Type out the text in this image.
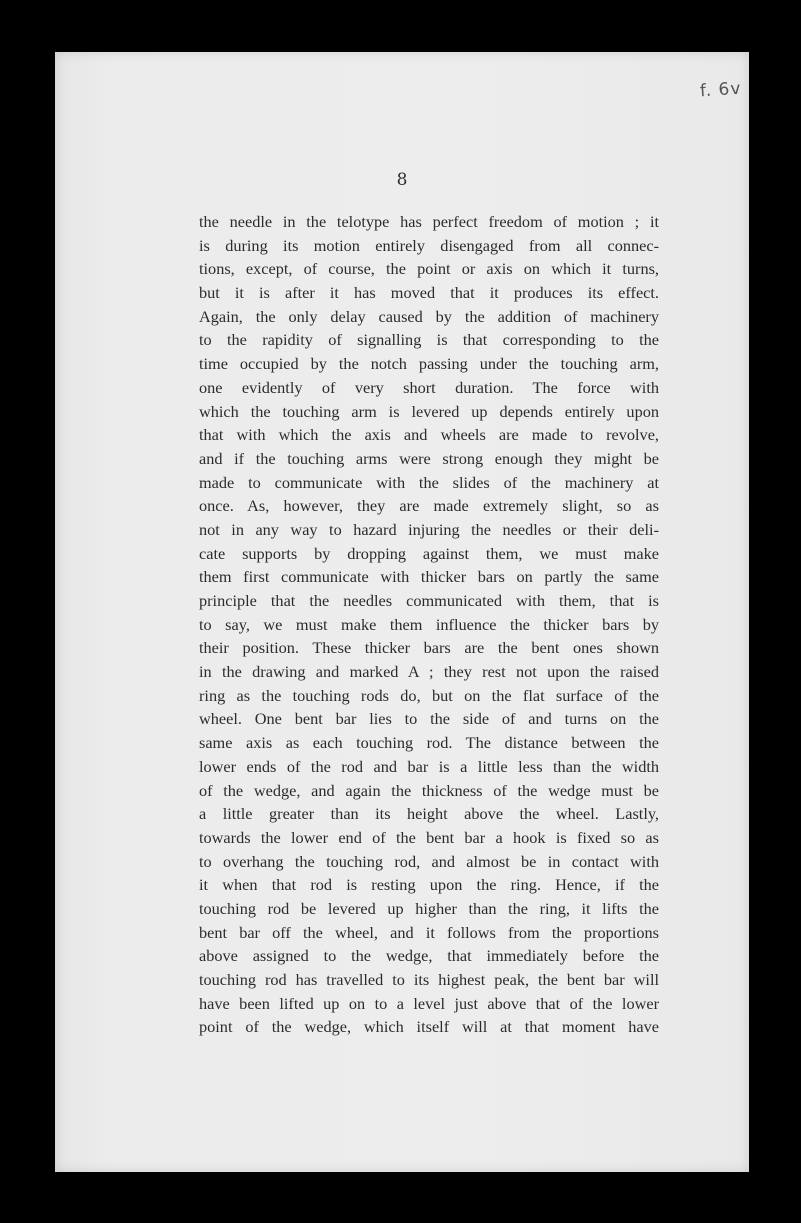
f. 6v
8
the needle in the telotype has perfect freedom of motion ; it
is during its motion entirely disengaged from all connec-
tions, except, of course, the point or axis on which it turns,
but it is after it has moved that it produces its effect.
Again, the only delay caused by the addition of machinery
to the rapidity of signalling is that corresponding to the
time occupied by the notch passing under the touching arm,
one evidently of very short duration. The force with
which the touching arm is levered up depends entirely upon
that with which the axis and wheels are made to revolve,
and if the touching arms were strong enough they might be
made to communicate with the slides of the machinery at
once. As, however, they are made extremely slight, so as
not in any way to hazard injuring the needles or their deli-
cate supports by dropping against them, we must make
them first communicate with thicker bars on partly the same
principle that the needles communicated with them, that is
to say, we must make them influence the thicker bars by
their position. These thicker bars are the bent ones shown
in the drawing and marked A ; they rest not upon the raised
ring as the touching rods do, but on the flat surface of the
wheel. One bent bar lies to the side of and turns on the
same axis as each touching rod. The distance between the
lower ends of the rod and bar is a little less than the width
of the wedge, and again the thickness of the wedge must be
a little greater than its height above the wheel. Lastly,
towards the lower end of the bent bar a hook is fixed so as
to overhang the touching rod, and almost be in contact with
it when that rod is resting upon the ring. Hence, if the
touching rod be levered up higher than the ring, it lifts the
bent bar off the wheel, and it follows from the proportions
above assigned to the wedge, that immediately before the
touching rod has travelled to its highest peak, the bent bar will
have been lifted up on to a level just above that of the lower
point of the wedge, which itself will at that moment have
